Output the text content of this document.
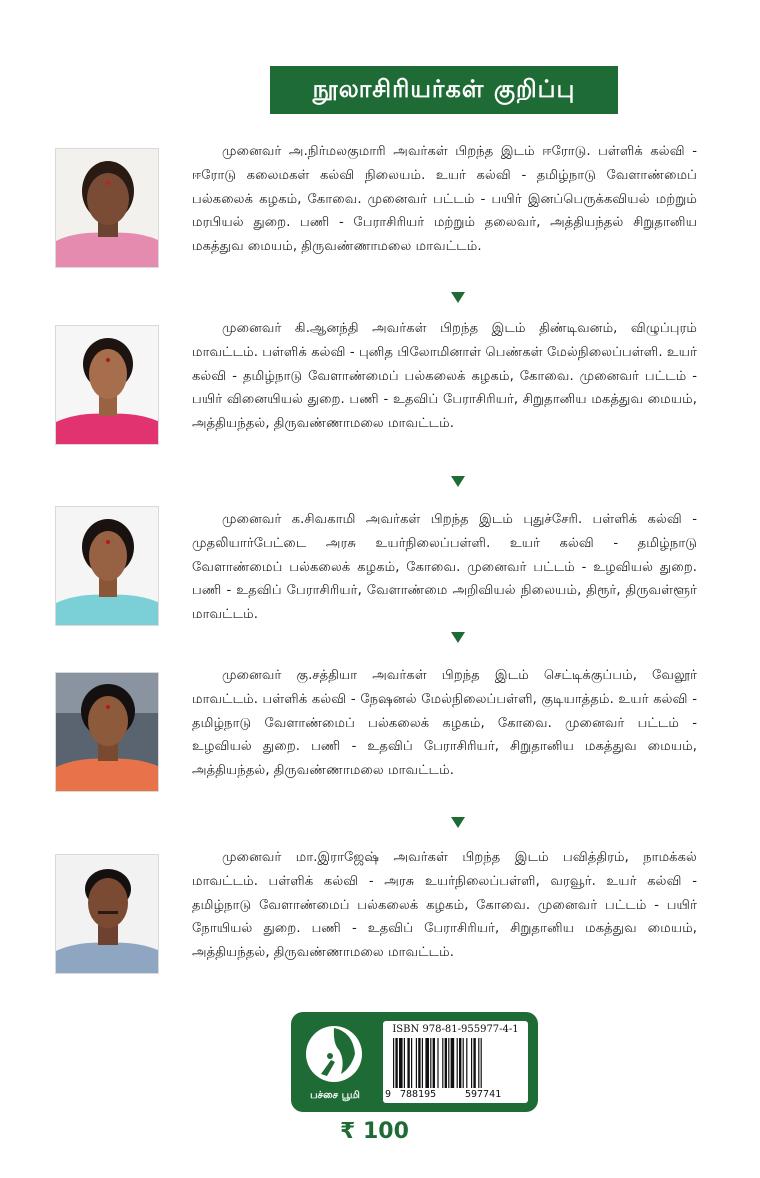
நூலாசிரியர்கள் குறிப்பு

முனைவர் அ.நிர்மலகுமாரி அவர்கள் பிறந்த இடம் ஈரோடு. பள்ளிக் கல்வி - ஈரோடு கலைமகள் கல்வி நிலையம். உயர் கல்வி - தமிழ்நாடு வேளாண்மைப் பல்கலைக் கழகம், கோவை. முனைவர் பட்டம் - பயிர் இனப்பெருக்கவியல் மற்றும் மரபியல் துறை. பணி - பேராசிரியர் மற்றும் தலைவர், அத்தியந்தல் சிறுதானிய மகத்துவ மையம், திருவண்ணாமலை மாவட்டம்.

முனைவர் கி.ஆனந்தி அவர்கள் பிறந்த இடம் திண்டிவனம், விழுப்புரம் மாவட்டம். பள்ளிக் கல்வி - புனித பிலோமினாள் பெண்கள் மேல்நிலைப்பள்ளி. உயர் கல்வி - தமிழ்நாடு வேளாண்மைப் பல்கலைக் கழகம், கோவை. முனைவர் பட்டம் - பயிர் வினையியல் துறை. பணி - உதவிப் பேராசிரியர், சிறுதானிய மகத்துவ மையம், அத்தியந்தல், திருவண்ணாமலை மாவட்டம்.

முனைவர் க.சிவகாமி அவர்கள் பிறந்த இடம் புதுச்சேரி. பள்ளிக் கல்வி - முதலியார்பேட்டை அரசு உயர்நிலைப்பள்ளி. உயர் கல்வி - தமிழ்நாடு வேளாண்மைப் பல்கலைக் கழகம், கோவை. முனைவர் பட்டம் - உழவியல் துறை. பணி - உதவிப் பேராசிரியர், வேளாண்மை அறிவியல் நிலையம், திரூர், திருவள்ளூர் மாவட்டம்.

முனைவர் கு.சத்தியா அவர்கள் பிறந்த இடம் செட்டிக்குப்பம், வேலூர் மாவட்டம். பள்ளிக் கல்வி - நேஷனல் மேல்நிலைப்பள்ளி, குடியாத்தம். உயர் கல்வி - தமிழ்நாடு வேளாண்மைப் பல்கலைக் கழகம், கோவை. முனைவர் பட்டம் - உழவியல் துறை. பணி - உதவிப் பேராசிரியர், சிறுதானிய மகத்துவ மையம், அத்தியந்தல், திருவண்ணாமலை மாவட்டம்.

முனைவர் மா.இராஜேஷ் அவர்கள் பிறந்த இடம் பவித்திரம், நாமக்கல் மாவட்டம். பள்ளிக் கல்வி - அரசு உயர்நிலைப்பள்ளி, வரவூர். உயர் கல்வி - தமிழ்நாடு வேளாண்மைப் பல்கலைக் கழகம், கோவை. முனைவர் பட்டம் - பயிர் நோயியல் துறை. பணி - உதவிப் பேராசிரியர், சிறுதானிய மகத்துவ மையம், அத்தியந்தல், திருவண்ணாமலை மாவட்டம்.

பச்சை பூமி
ISBN 978-81-955977-4-1
9 788195	597741
₹ 100
